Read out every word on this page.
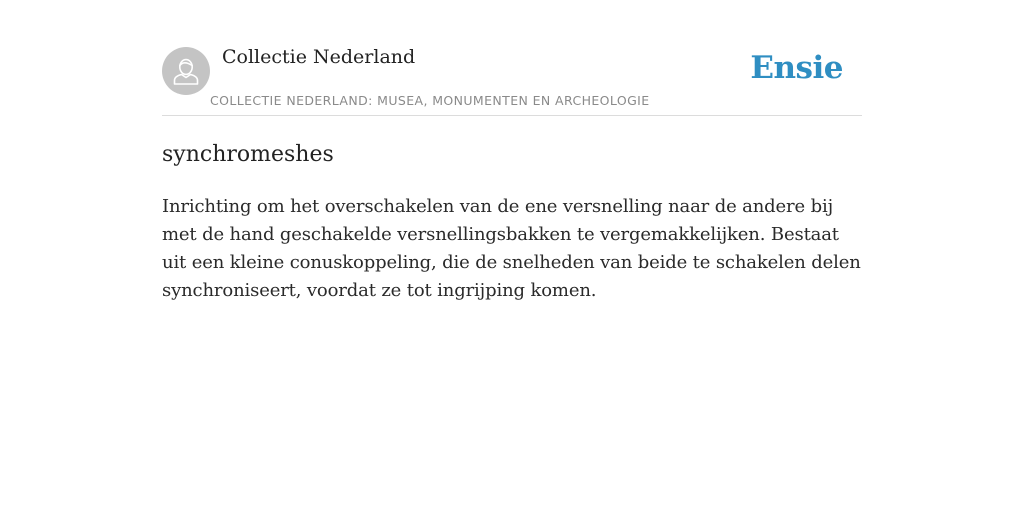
Collectie Nederland
COLLECTIE NEDERLAND: MUSEA, MONUMENTEN EN ARCHEOLOGIE
Ensie
synchromeshes

Inrichting om het overschakelen van de ene versnelling naar de andere bij met de hand geschakelde versnellingsbakken te vergemakkelijken. Bestaat uit een kleine conuskoppeling, die de snelheden van beide te schakelen delen synchroniseert, voordat ze tot ingrijping komen.
